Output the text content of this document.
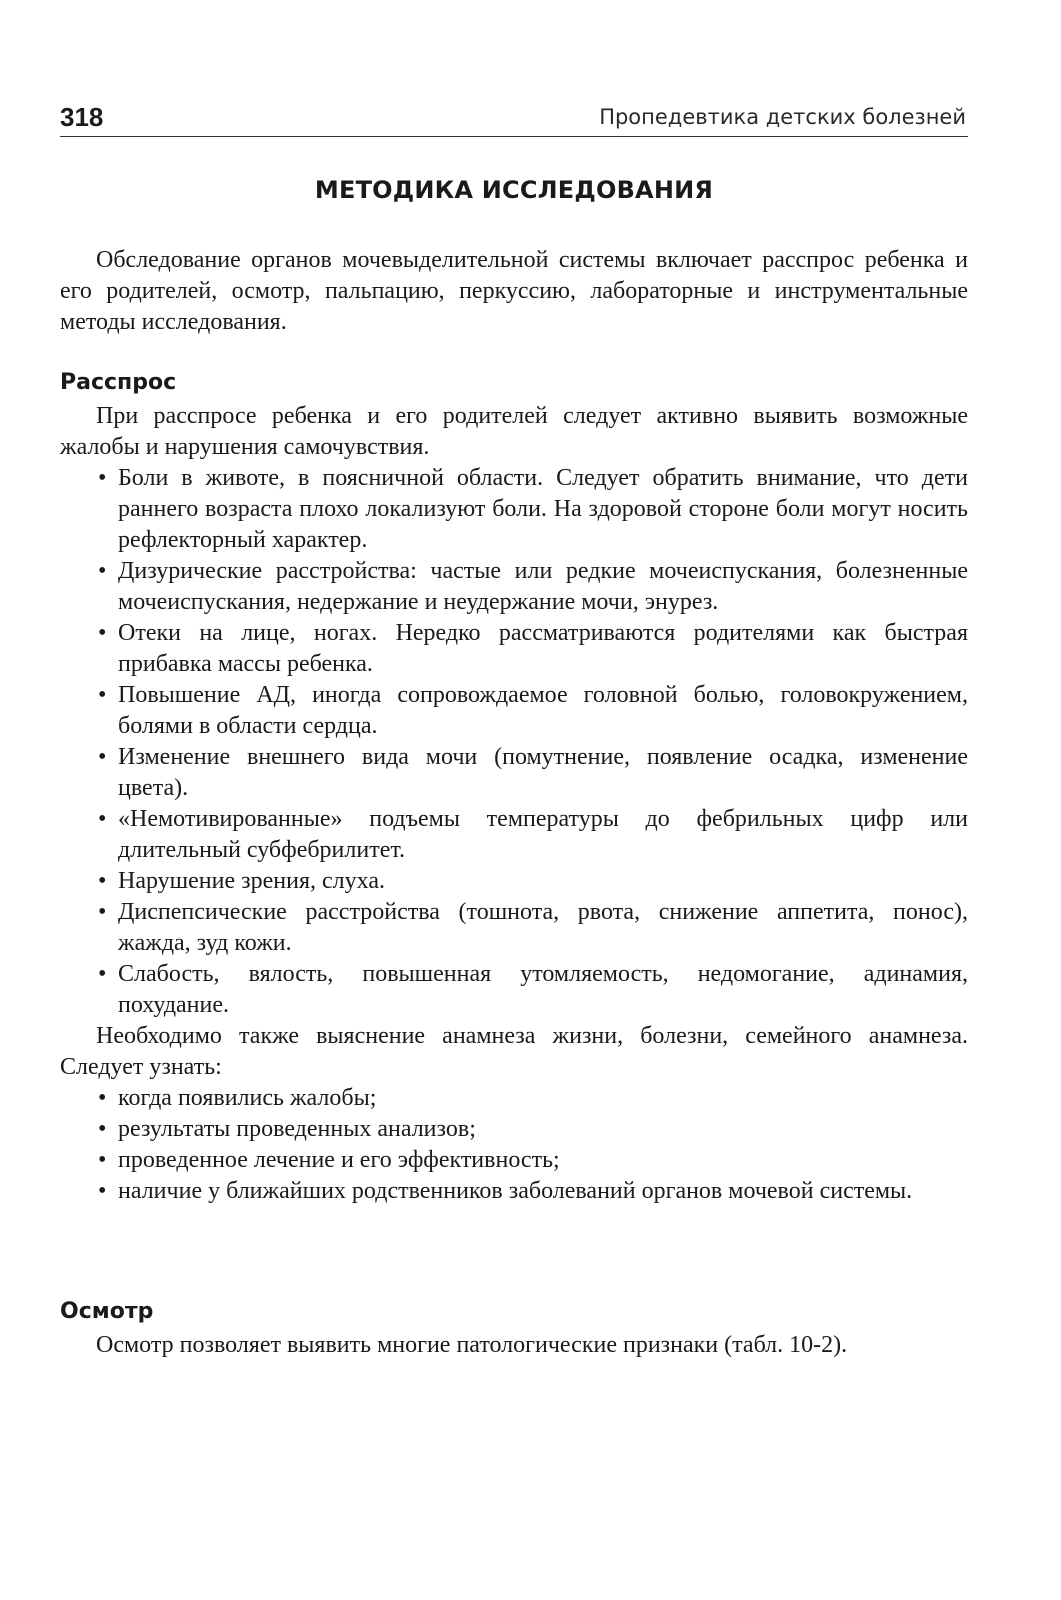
318	Пропедевтика детских болезней
МЕТОДИКА ИССЛЕДОВАНИЯ

Обследование органов мочевыделительной системы включает расспрос ребенка и его родителей, осмотр, пальпацию, перкуссию, лабораторные и инструментальные методы исследования.

Расспрос

При расспросе ребенка и его родителей следует активно выявить возможные жалобы и нарушения самочувствия.

• Боли в животе, в поясничной области. Следует обратить внимание, что дети раннего возраста плохо локализуют боли. На здоровой стороне боли могут носить рефлекторный характер.
• Дизурические расстройства: частые или редкие мочеиспускания, болезненные мочеиспускания, недержание и неудержание мочи, энурез.
• Отеки на лице, ногах. Нередко рассматриваются родителями как быстрая прибавка массы ребенка.
• Повышение АД, иногда сопровождаемое головной болью, головокружением, болями в области сердца.
• Изменение внешнего вида мочи (помутнение, появление осадка, изменение цвета).
• «Немотивированные» подъемы температуры до фебрильных цифр или длительный субфебрилитет.
• Нарушение зрения, слуха.
• Диспепсические расстройства (тошнота, рвота, снижение аппетита, понос), жажда, зуд кожи.
• Слабость, вялость, повышенная утомляемость, недомогание, адинамия, похудание.

Необходимо также выяснение анамнеза жизни, болезни, семейного анамнеза. Следует узнать:

• когда появились жалобы;
• результаты проведенных анализов;
• проведенное лечение и его эффективность;
• наличие у ближайших родственников заболеваний органов мочевой системы.
Осмотр

Осмотр позволяет выявить многие патологические признаки (табл. 10-2).
